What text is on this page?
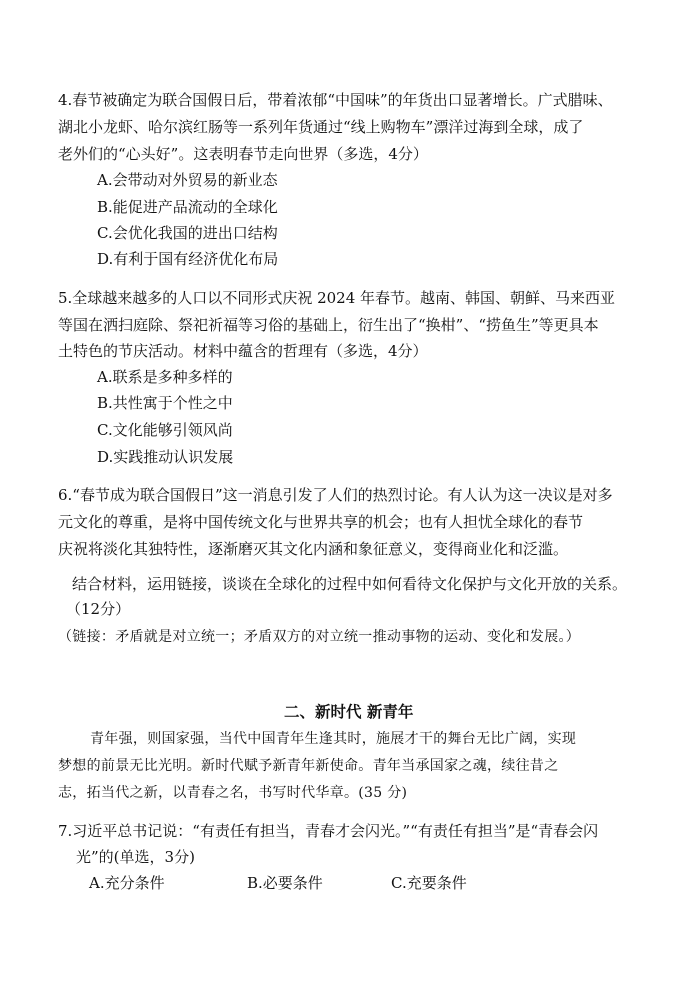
4.春节被确定为联合国假日后，带着浓郁“中国味”的年货出口显著增长。广式腊味、
湖北小龙虾、哈尔滨红肠等一系列年货通过“线上购物车”漂洋过海到全球，成了
老外们的“心头好”。这表明春节走向世界（多选，4分）
A.会带动对外贸易的新业态
B.能促进产品流动的全球化
C.会优化我国的进出口结构
D.有利于国有经济优化布局
5.全球越来越多的人口以不同形式庆祝 2024 年春节。越南、韩国、朝鲜、马来西亚
等国在洒扫庭除、祭祀祈福等习俗的基础上，衍生出了“换柑”、“捞鱼生”等更具本
土特色的节庆活动。材料中蕴含的哲理有（多选，4分）
A.联系是多种多样的
B.共性寓于个性之中
C.文化能够引领风尚
D.实践推动认识发展
6.“春节成为联合国假日”这一消息引发了人们的热烈讨论。有人认为这一决议是对多
元文化的尊重，是将中国传统文化与世界共享的机会；也有人担忧全球化的春节
庆祝将淡化其独特性，逐渐磨灭其文化内涵和象征意义，变得商业化和泛滥。
结合材料，运用链接，谈谈在全球化的过程中如何看待文化保护与文化开放的关系。
（12分）
（链接：矛盾就是对立统一；矛盾双方的对立统一推动事物的运动、变化和发展。）
二、新时代 新青年
青年强，则国家强，当代中国青年生逢其时，施展才干的舞台无比广阔，实现
梦想的前景无比光明。新时代赋予新青年新使命。青年当承国家之魂，续往昔之
志，拓当代之新，以青春之名，书写时代华章。(35 分)
7.习近平总书记说：“有责任有担当，青春才会闪光。”“有责任有担当”是“青春会闪
光”的(单选，3分)
A.充分条件	B.必要条件	C.充要条件
